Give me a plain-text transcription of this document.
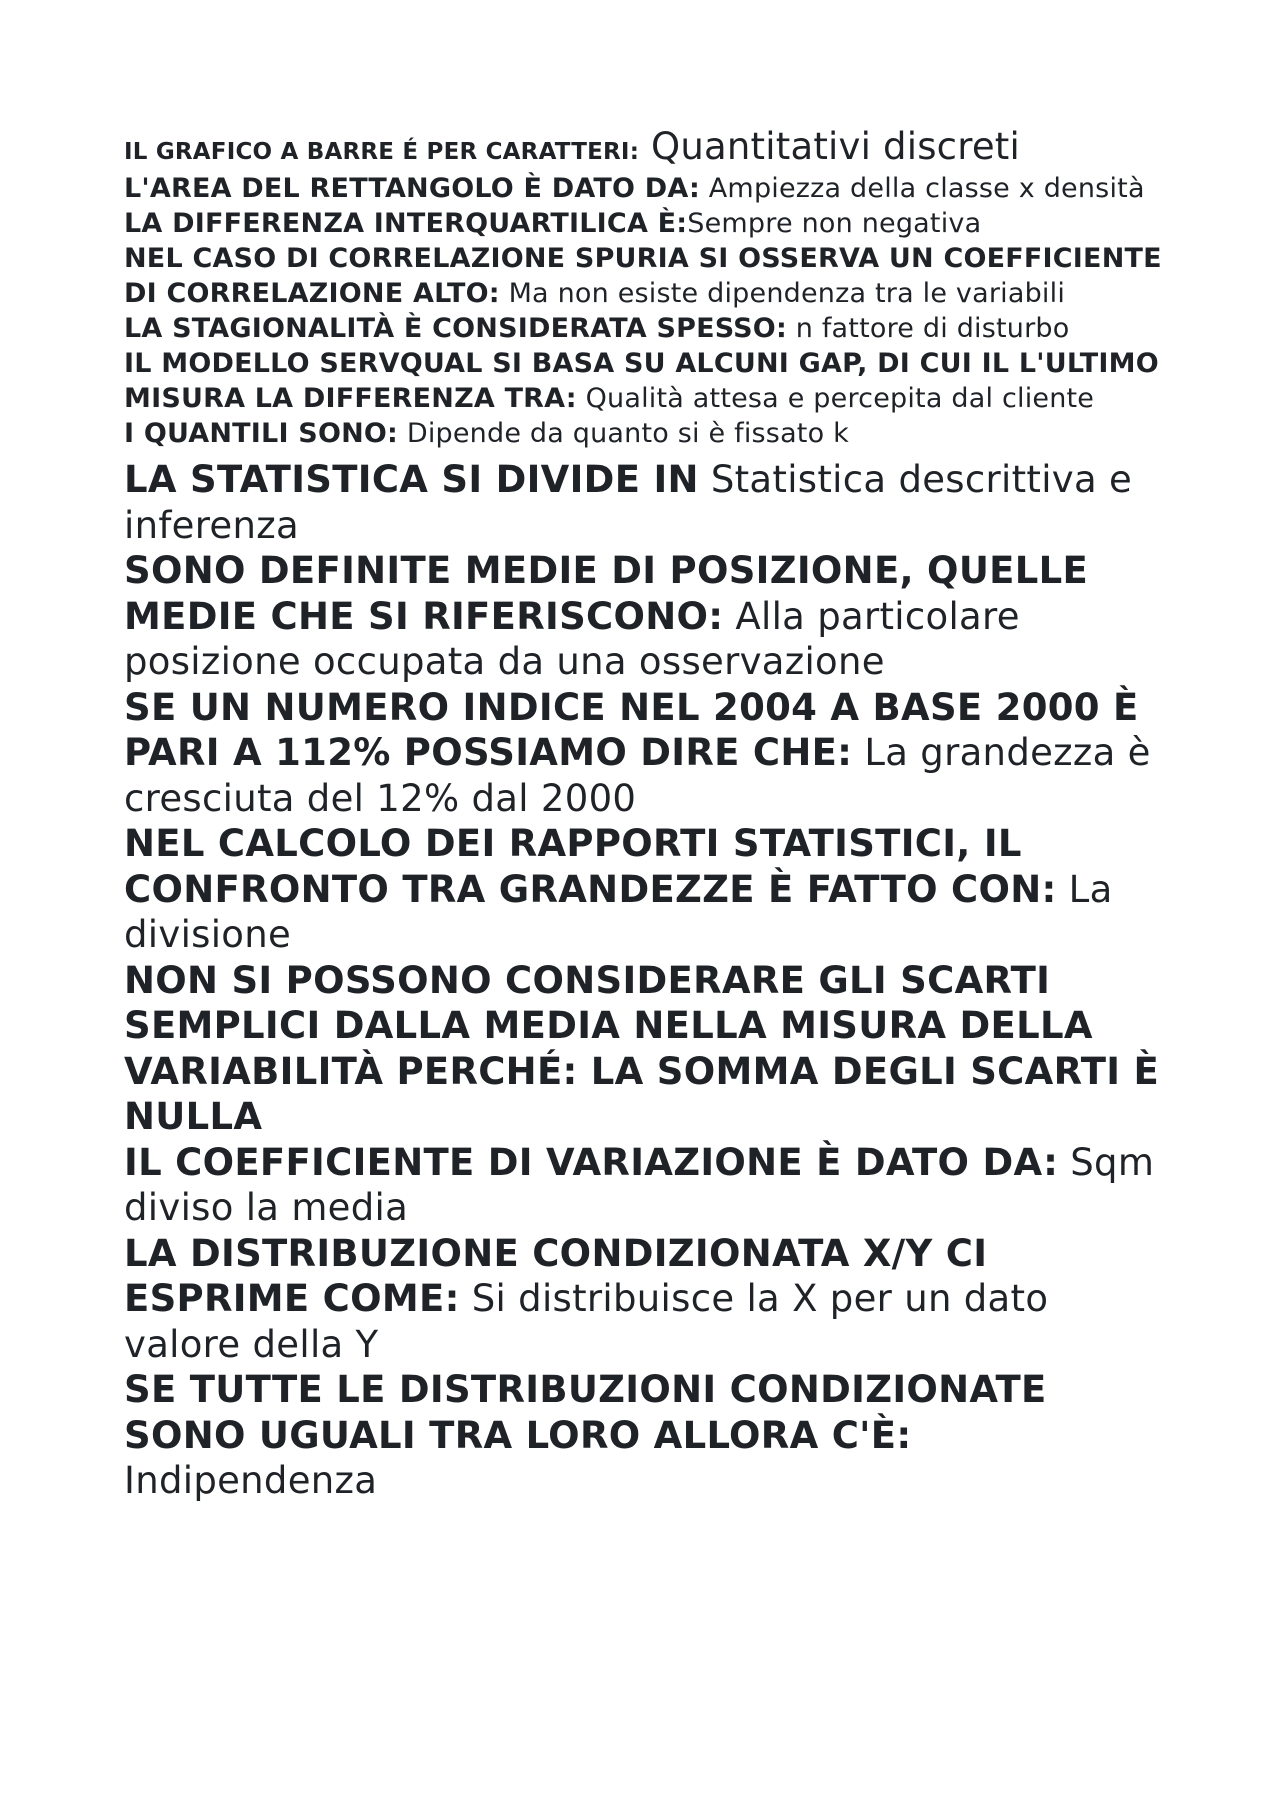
IL GRAFICO A BARRE É PER CARATTERI: Quantitativi discreti

L'AREA DEL RETTANGOLO È DATO DA: Ampiezza della classe x densità

LA DIFFERENZA INTERQUARTILICA È:Sempre non negativa

NEL CASO DI CORRELAZIONE SPURIA SI OSSERVA UN COEFFICIENTE DI CORRELAZIONE ALTO: Ma non esiste dipendenza tra le variabili

LA STAGIONALITÀ È CONSIDERATA SPESSO: n fattore di disturbo

IL MODELLO SERVQUAL SI BASA SU ALCUNI GAP, DI CUI IL L'ULTIMO MISURA LA DIFFERENZA TRA: Qualità attesa e percepita dal cliente

I QUANTILI SONO: Dipende da quanto si è fissato k

LA STATISTICA SI DIVIDE IN Statistica descrittiva e inferenza

SONO DEFINITE MEDIE DI POSIZIONE, QUELLE MEDIE CHE SI RIFERISCONO: Alla particolare posizione occupata da una osservazione

SE UN NUMERO INDICE NEL 2004 A BASE 2000 È PARI A 112% POSSIAMO DIRE CHE: La grandezza è cresciuta del 12% dal 2000

NEL CALCOLO DEI RAPPORTI STATISTICI, IL CONFRONTO TRA GRANDEZZE È FATTO CON: La divisione

NON SI POSSONO CONSIDERARE GLI SCARTI SEMPLICI DALLA MEDIA NELLA MISURA DELLA VARIABILITÀ PERCHÉ: LA SOMMA DEGLI SCARTI È NULLA

IL COEFFICIENTE DI VARIAZIONE È DATO DA: Sqm diviso la media

LA DISTRIBUZIONE CONDIZIONATA X/Y CI ESPRIME COME: Si distribuisce la X per un dato valore della Y

SE TUTTE LE DISTRIBUZIONI CONDIZIONATE SONO UGUALI TRA LORO ALLORA C'È: Indipendenza
